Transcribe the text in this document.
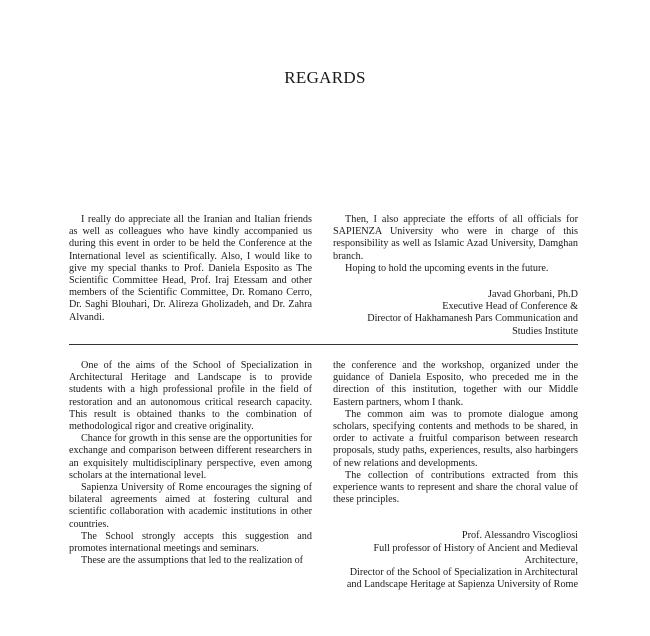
REGARDS

I really do appreciate all the Iranian and Italian friends as well as colleagues who have kindly accompanied us during this event in order to be held the Conference at the International level as scientifically. Also, I would like to give my special thanks to Prof. Daniela Esposito as The Scientific Committee Head, Prof. Iraj Etessam and other members of the Scientific Committee, Dr. Romano Cerro, Dr. Saghi Blouhari, Dr. Alireza Gholizadeh, and Dr. Zahra Alvandi.

Then, I also appreciate the efforts of all officials for SAPIENZA University who were in charge of this responsibility as well as Islamic Azad University, Damghan branch.

Hoping to hold the upcoming events in the future.

Javad Ghorbani, Ph.D
Executive Head of Conference &
Director of Hakhamanesh Pars Communication and
Studies Institute

One of the aims of the School of Specialization in Architectural Heritage and Landscape is to provide students with a high professional profile in the field of restoration and an autonomous critical research capacity. This result is obtained thanks to the combination of methodological rigor and creative originality.

Chance for growth in this sense are the opportunities for exchange and comparison between different researchers in an exquisitely multidisciplinary perspective, even among scholars at the international level.

Sapienza University of Rome encourages the signing of bilateral agreements aimed at fostering cultural and scientific collaboration with academic institutions in other countries.

The School strongly accepts this suggestion and promotes international meetings and seminars.

These are the assumptions that led to the realization of

the conference and the workshop, organized under the guidance of Daniela Esposito, who preceded me in the direction of this institution, together with our Middle Eastern partners, whom I thank.

The common aim was to promote dialogue among scholars, specifying contents and methods to be shared, in order to activate a fruitful comparison between research proposals, study paths, experiences, results, also harbingers of new relations and developments.

The collection of contributions extracted from this experience wants to represent and share the choral value of these principles.

Prof. Alessandro Viscogliosi
Full professor of History of Ancient and Medieval Architecture,
Director of the School of Specialization in Architectural
and Landscape Heritage at Sapienza University of Rome
